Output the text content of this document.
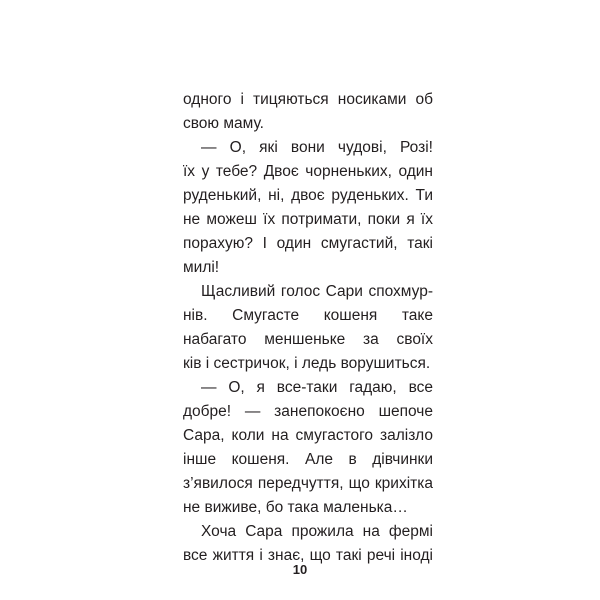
одного і тицяються носиками об
свою маму.
— О, які вони чудові, Розі!
їх у тебе? Двоє чорненьких, один
руденький, ні, двоє руденьких. Ти
не можеш їх потримати, поки я їх
порахую? І один смугастий, такі
милі!
Щасливий голос Сари спохмур-
нів. Смугасте кошеня таке
набагато меншеньке за своїх
ків і сестричок, і ледь ворушиться.
— О, я все-таки гадаю, все
добре! — занепокоєно шепоче
Сара, коли на смугастого залізло
інше кошеня. Але в дівчинки
з’явилося передчуття, що крихітка
не виживе, бо така маленька…
Хоча Сара прожила на фермі
все життя і знає, що такі речі іноді
10
